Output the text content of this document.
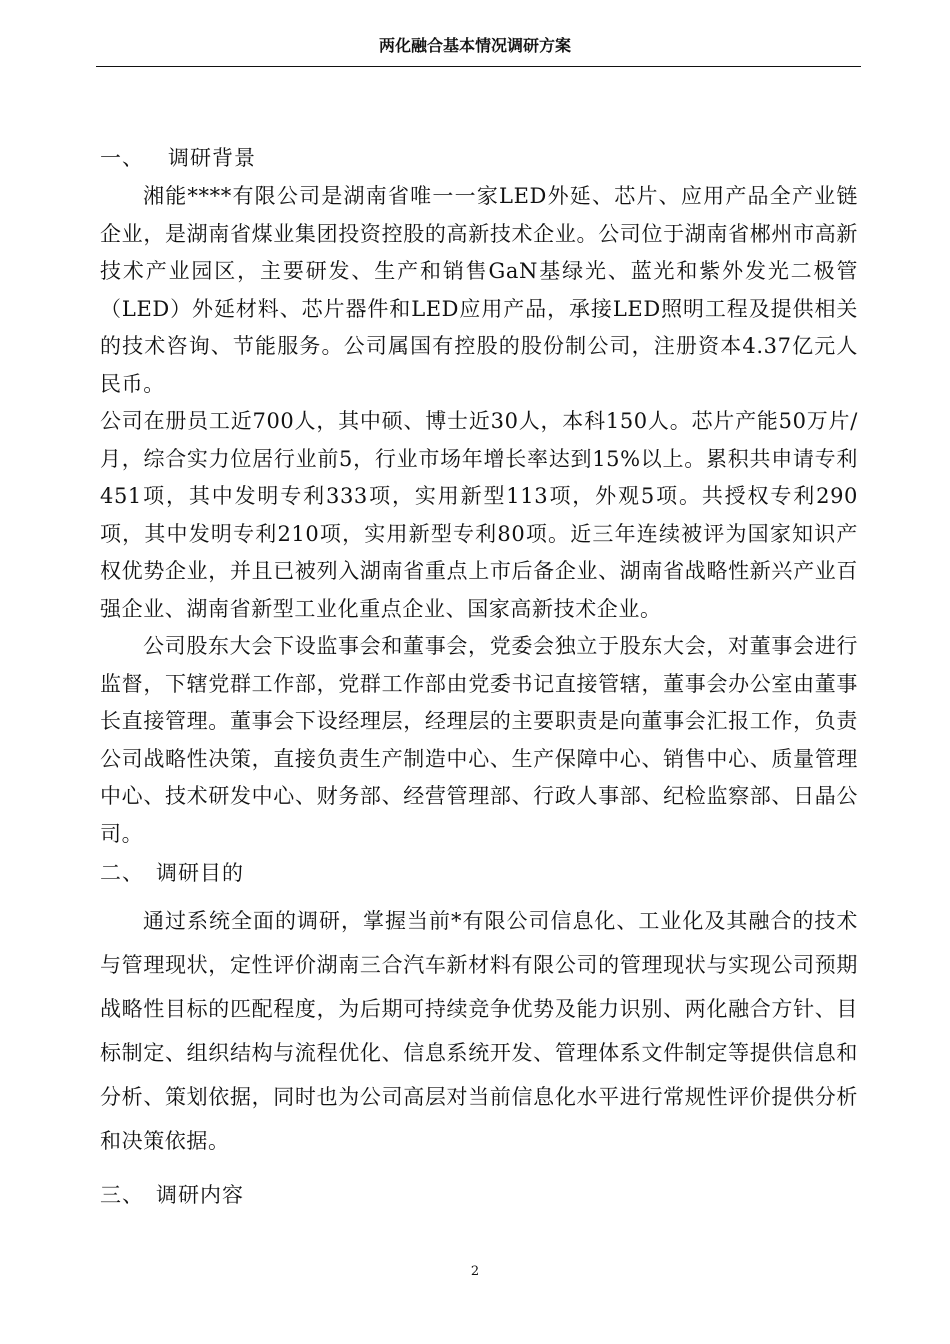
两化融合基本情况调研方案
一、 调研背景

湘能****有限公司是湖南省唯一一家LED外延、芯片、应用产品全产业链企业，是湖南省煤业集团投资控股的高新技术企业。公司位于湖南省郴州市高新技术产业园区，主要研发、生产和销售GaN基绿光、蓝光和紫外发光二极管（LED）外延材料、芯片器件和LED应用产品，承接LED照明工程及提供相关的技术咨询、节能服务。公司属国有控股的股份制公司，注册资本4.37亿元人民币。

公司在册员工近700人，其中硕、博士近30人，本科150人。芯片产能50万片/月，综合实力位居行业前5，行业市场年增长率达到15%以上。累积共申请专利451项，其中发明专利333项，实用新型113项，外观5项。共授权专利290项，其中发明专利210项，实用新型专利80项。近三年连续被评为国家知识产权优势企业，并且已被列入湖南省重点上市后备企业、湖南省战略性新兴产业百强企业、湖南省新型工业化重点企业、国家高新技术企业。

公司股东大会下设监事会和董事会，党委会独立于股东大会，对董事会进行监督，下辖党群工作部，党群工作部由党委书记直接管辖，董事会办公室由董事长直接管理。董事会下设经理层，经理层的主要职责是向董事会汇报工作，负责公司战略性决策，直接负责生产制造中心、生产保障中心、销售中心、质量管理中心、技术研发中心、财务部、经营管理部、行政人事部、纪检监察部、日晶公司。

二、 调研目的

通过系统全面的调研，掌握当前*有限公司信息化、工业化及其融合的技术与管理现状，定性评价湖南三合汽车新材料有限公司的管理现状与实现公司预期战略性目标的匹配程度，为后期可持续竞争优势及能力识别、两化融合方针、目标制定、组织结构与流程优化、信息系统开发、管理体系文件制定等提供信息和分析、策划依据，同时也为公司高层对当前信息化水平进行常规性评价提供分析和决策依据。

三、 调研内容
2
